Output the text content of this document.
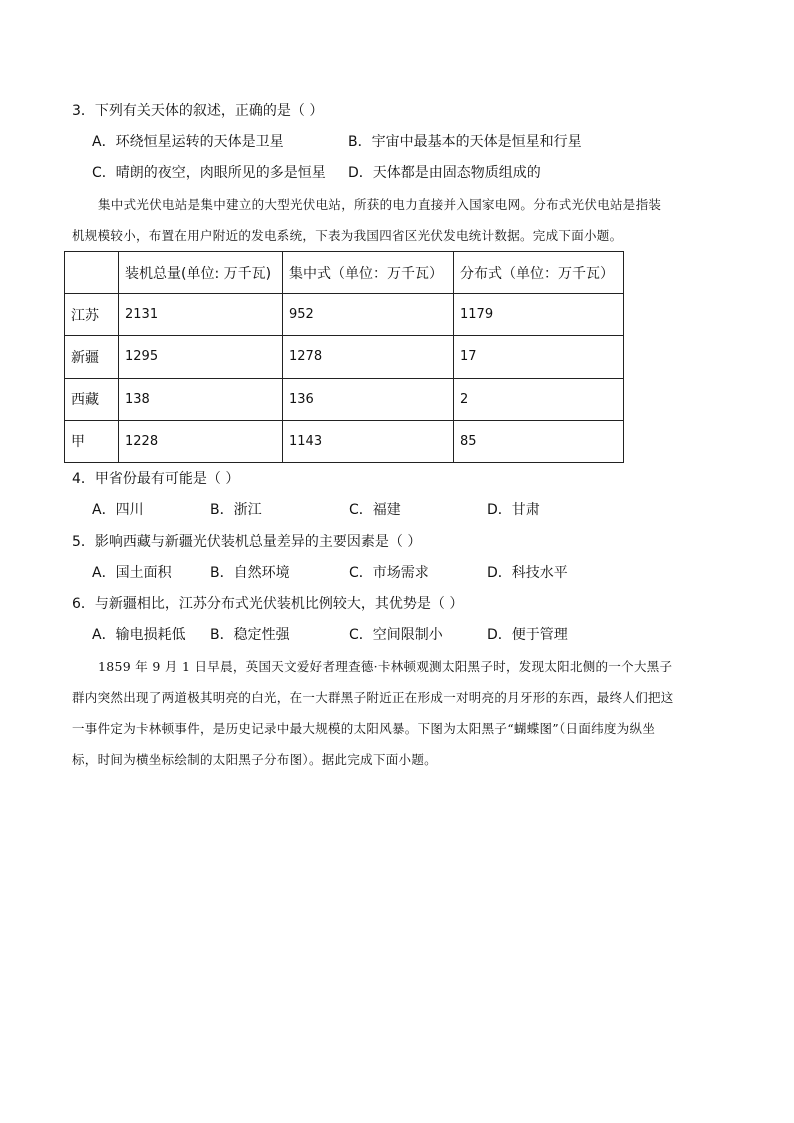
3．下列有关天体的叙述，正确的是（ ）
A．环绕恒星运转的天体是卫星	B．宇宙中最基本的天体是恒星和行星
C．晴朗的夜空，肉眼所见的多是恒星 D．天体都是由固态物质组成的
集中式光伏电站是集中建立的大型光伏电站，所获的电力直接并入国家电网。分布式光伏电站是指装
机规模较小，布置在用户附近的发电系统，下表为我国四省区光伏发电统计数据。完成下面小题。
	装机总量(单位: 万千瓦)	集中式（单位：万千瓦）	分布式（单位：万千瓦）
江苏	2131	952	1179
新疆	1295	1278	17
西藏	138	136	2
甲	1228	1143	85
4．甲省份最有可能是（ ）
A．四川	B．浙江	C．福建	D．甘肃
5．影响西藏与新疆光伏装机总量差异的主要因素是（ ）
A．国土面积	B．自然环境	C．市场需求	D．科技水平
6．与新疆相比，江苏分布式光伏装机比例较大，其优势是（ ）
A．输电损耗低 B．稳定性强	C．空间限制小	D．便于管理
1859 年 9 月 1 日早晨，英国天文爱好者理查德·卡林顿观测太阳黑子时，发现太阳北侧的一个大黑子
群内突然出现了两道极其明亮的白光，在一大群黑子附近正在形成一对明亮的月牙形的东西，最终人们把这
一事件定为卡林顿事件，是历史记录中最大规模的太阳风暴。下图为太阳黑子“蝴蝶图”（日面纬度为纵坐
标，时间为横坐标绘制的太阳黑子分布图）。据此完成下面小题。
